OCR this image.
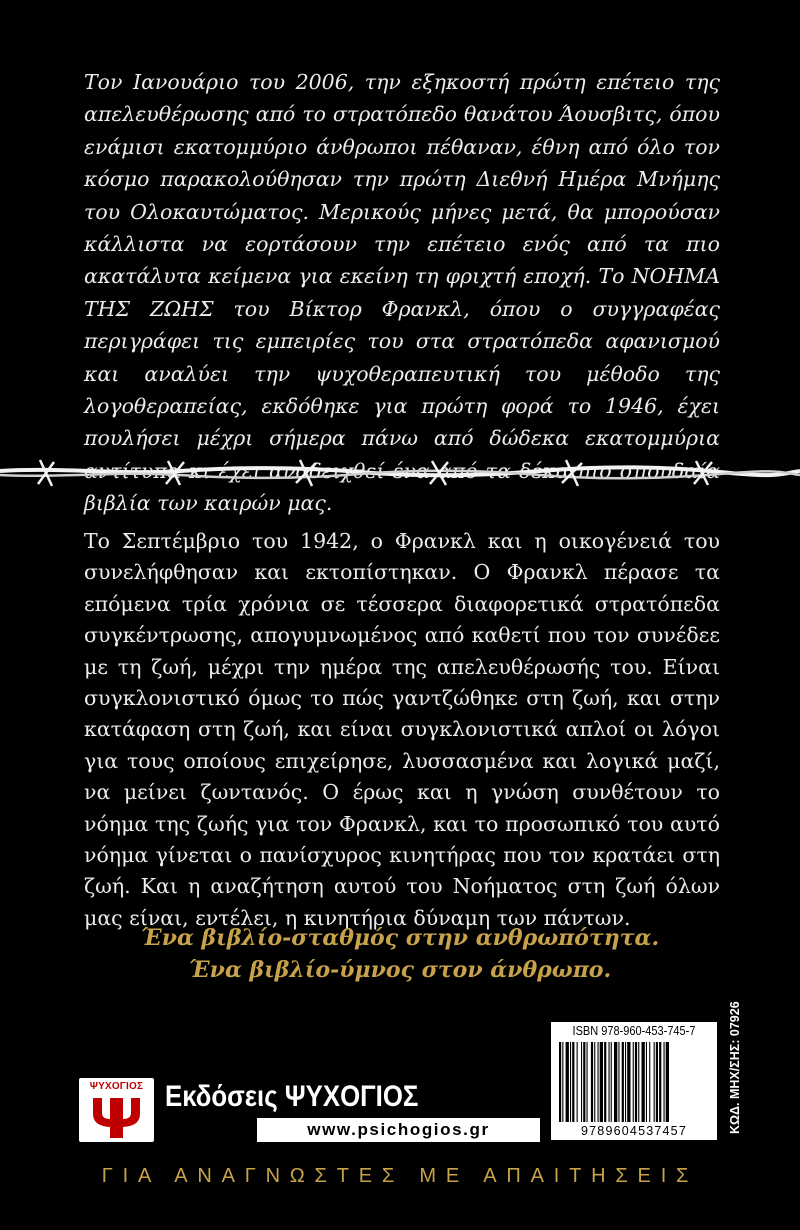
Τον Ιανουάριο του 2006, την εξηκοστή πρώτη επέτειο της απελευθέρωσης από το στρατόπεδο θανάτου Άουσβιτς, όπου ενάμισι εκατομμύριο άνθρωποι πέθαναν, έθνη από όλο τον κόσμο παρακολούθησαν την πρώτη Διεθνή Ημέρα Μνήμης του Ολοκαυτώματος. Μερικούς μήνες μετά, θα μπορούσαν κάλλιστα να εορτάσουν την επέτειο ενός από τα πιο ακατάλυτα κείμενα για εκείνη τη φριχτή εποχή. Το ΝΟΗΜΑ ΤΗΣ ΖΩΗΣ του Βίκτορ Φρανκλ, όπου ο συγγραφέας περιγράφει τις εμπειρίες του στα στρατόπεδα αφανισμού και αναλύει την ψυχοθεραπευτική του μέθοδο της λογοθεραπείας, εκδόθηκε για πρώτη φορά το 1946, έχει πουλήσει μέχρι σήμερα πάνω από δώδεκα εκατομμύρια αντίτυπα κι έχει αναδειχθεί ένα από τα δέκα πιο σπουδαία βιβλία των καιρών μας.

Το Σεπτέμβριο του 1942, ο Φρανκλ και η οικογένειά του συνελήφθησαν και εκτοπίστηκαν. Ο Φρανκλ πέρασε τα επόμενα τρία χρόνια σε τέσσερα διαφορετικά στρατόπεδα συγκέντρωσης, απογυμνωμένος από καθετί που τον συνέδεε με τη ζωή, μέχρι την ημέρα της απελευθέρωσής του. Είναι συγκλονιστικό όμως το πώς γαντζώθηκε στη ζωή, και στην κατάφαση στη ζωή, και είναι συγκλονιστικά απλοί οι λόγοι για τους οποίους επιχείρησε, λυσσασμένα και λογικά μαζί, να μείνει ζωντανός. Ο έρως και η γνώση συνθέτουν το νόημα της ζωής για τον Φρανκλ, και το προσωπικό του αυτό νόημα γίνεται ο πανίσχυρος κινητήρας που τον κρατάει στη ζωή. Και η αναζήτηση αυτού του Νοήματος στη ζωή όλων μας είναι, εντέλει, η κινητήρια δύναμη των πάντων.

Ένα βιβλίο-σταθμός στην ανθρωπότητα.
Ένα βιβλίο-ύμνος στον άνθρωπο.
ΨΥΧΟΓΙΟΣ Εκδόσεις ΨΥΧΟΓΙΟΣ
www.psichogios.gr
ISBN 978-960-453-745-7
9789604537457	ΚΩΔ. ΜΗΧ/ΣΗΣ: 07926
ΓΙΑ ΑΝΑΓΝΩΣΤΕΣ ΜΕ ΑΠΑΙΤΗΣΕΙΣ
